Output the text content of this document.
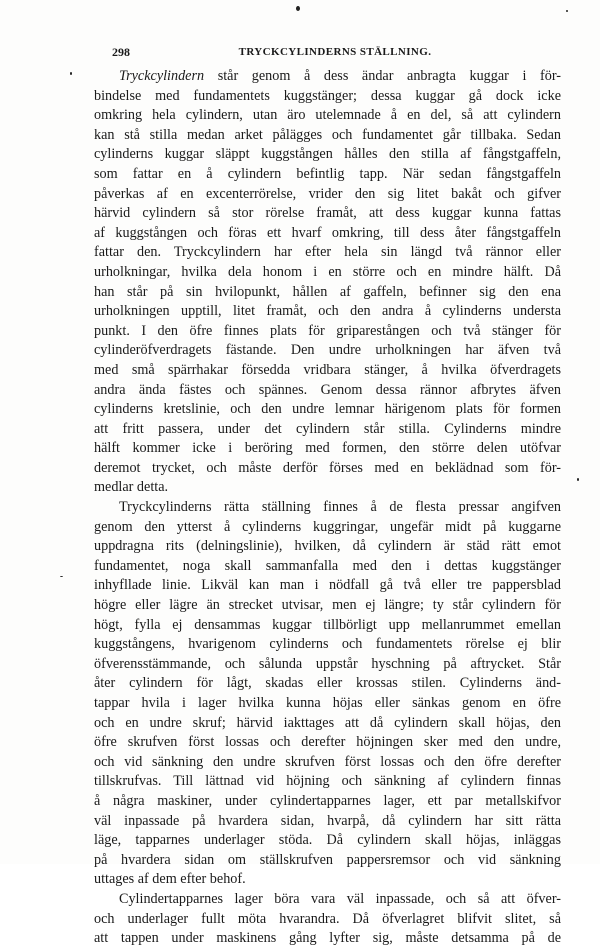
298	TRYCKCYLINDERNS STÄLLNING.
Tryckcylindern står genom å dess ändar anbragta kuggar i för-
bindelse med fundamentets kuggstänger; dessa kuggar gå dock icke
omkring hela cylindern, utan äro utelemnade å en del, så att cylindern
kan stå stilla medan arket pålägges och fundamentet går tillbaka. Sedan
cylinderns kuggar släppt kuggstången hålles den stilla af fångstgaffeln,
som fattar en å cylindern befintlig tapp. När sedan fångstgaffeln
påverkas af en excenterrörelse, vrider den sig litet bakåt och gifver
härvid cylindern så stor rörelse framåt, att dess kuggar kunna fattas
af kuggstången och föras ett hvarf omkring, till dess åter fångstgaffeln
fattar den. Tryckcylindern har efter hela sin längd två rännor eller
urholkningar, hvilka dela honom i en större och en mindre hälft. Då
han står på sin hvilopunkt, hållen af gaffeln, befinner sig den ena
urholkningen upptill, litet framåt, och den andra å cylinderns understa
punkt. I den öfre finnes plats för griparestången och två stänger för
cylinderöfverdragets fästande. Den undre urholkningen har äfven två
med små spärrhakar försedda vridbara stänger, å hvilka öfverdragets
andra ända fästes och spännes. Genom dessa rännor afbrytes äfven
cylinderns kretslinie, och den undre lemnar härigenom plats för formen
att fritt passera, under det cylindern står stilla. Cylinderns mindre
hälft kommer icke i beröring med formen, den större delen utöfvar
deremot trycket, och måste derför förses med en beklädnad som för-
medlar detta.
Tryckcylinderns rätta ställning finnes å de flesta pressar angifven
genom den ytterst å cylinderns kuggringar, ungefär midt på kuggarne
uppdragna rits (delningslinie), hvilken, då cylindern är städ rätt emot
fundamentet, noga skall sammanfalla med den i dettas kuggstänger
inhyfllade linie. Likväl kan man i nödfall gå två eller tre pappersblad
högre eller lägre än strecket utvisar, men ej längre; ty står cylindern för
högt, fylla ej densammas kuggar tillbörligt upp mellanrummet emellan
kuggstångens, hvarigenom cylinderns och fundamentets rörelse ej blir
öfverensstämmande, och sålunda uppstår hyschning på aftrycket. Står
åter cylindern för lågt, skadas eller krossas stilen. Cylinderns änd-
tappar hvila i lager hvilka kunna höjas eller sänkas genom en öfre
och en undre skruf; härvid iakttages att då cylindern skall höjas, den
öfre skrufven först lossas och derefter höjningen sker med den undre,
och vid sänkning den undre skrufven först lossas och den öfre derefter
tillskrufvas. Till lättnad vid höjning och sänkning af cylindern finnas
å några maskiner, under cylindertapparnes lager, ett par metallskifvor
väl inpassade på hvardera sidan, hvarpå, då cylindern har sitt rätta
läge, tapparnes underlager stöda. Då cylindern skall höjas, inläggas
på hvardera sidan om ställskrufven pappersremsor och vid sänkning
uttages af dem efter behof.
Cylindertapparnes lager böra vara väl inpassade, och så att öfver-
och underlager fullt möta hvarandra. Då öfverlagret blifvit slitet, så
att tappen under maskinens gång lyfter sig, måste detsamma på de
